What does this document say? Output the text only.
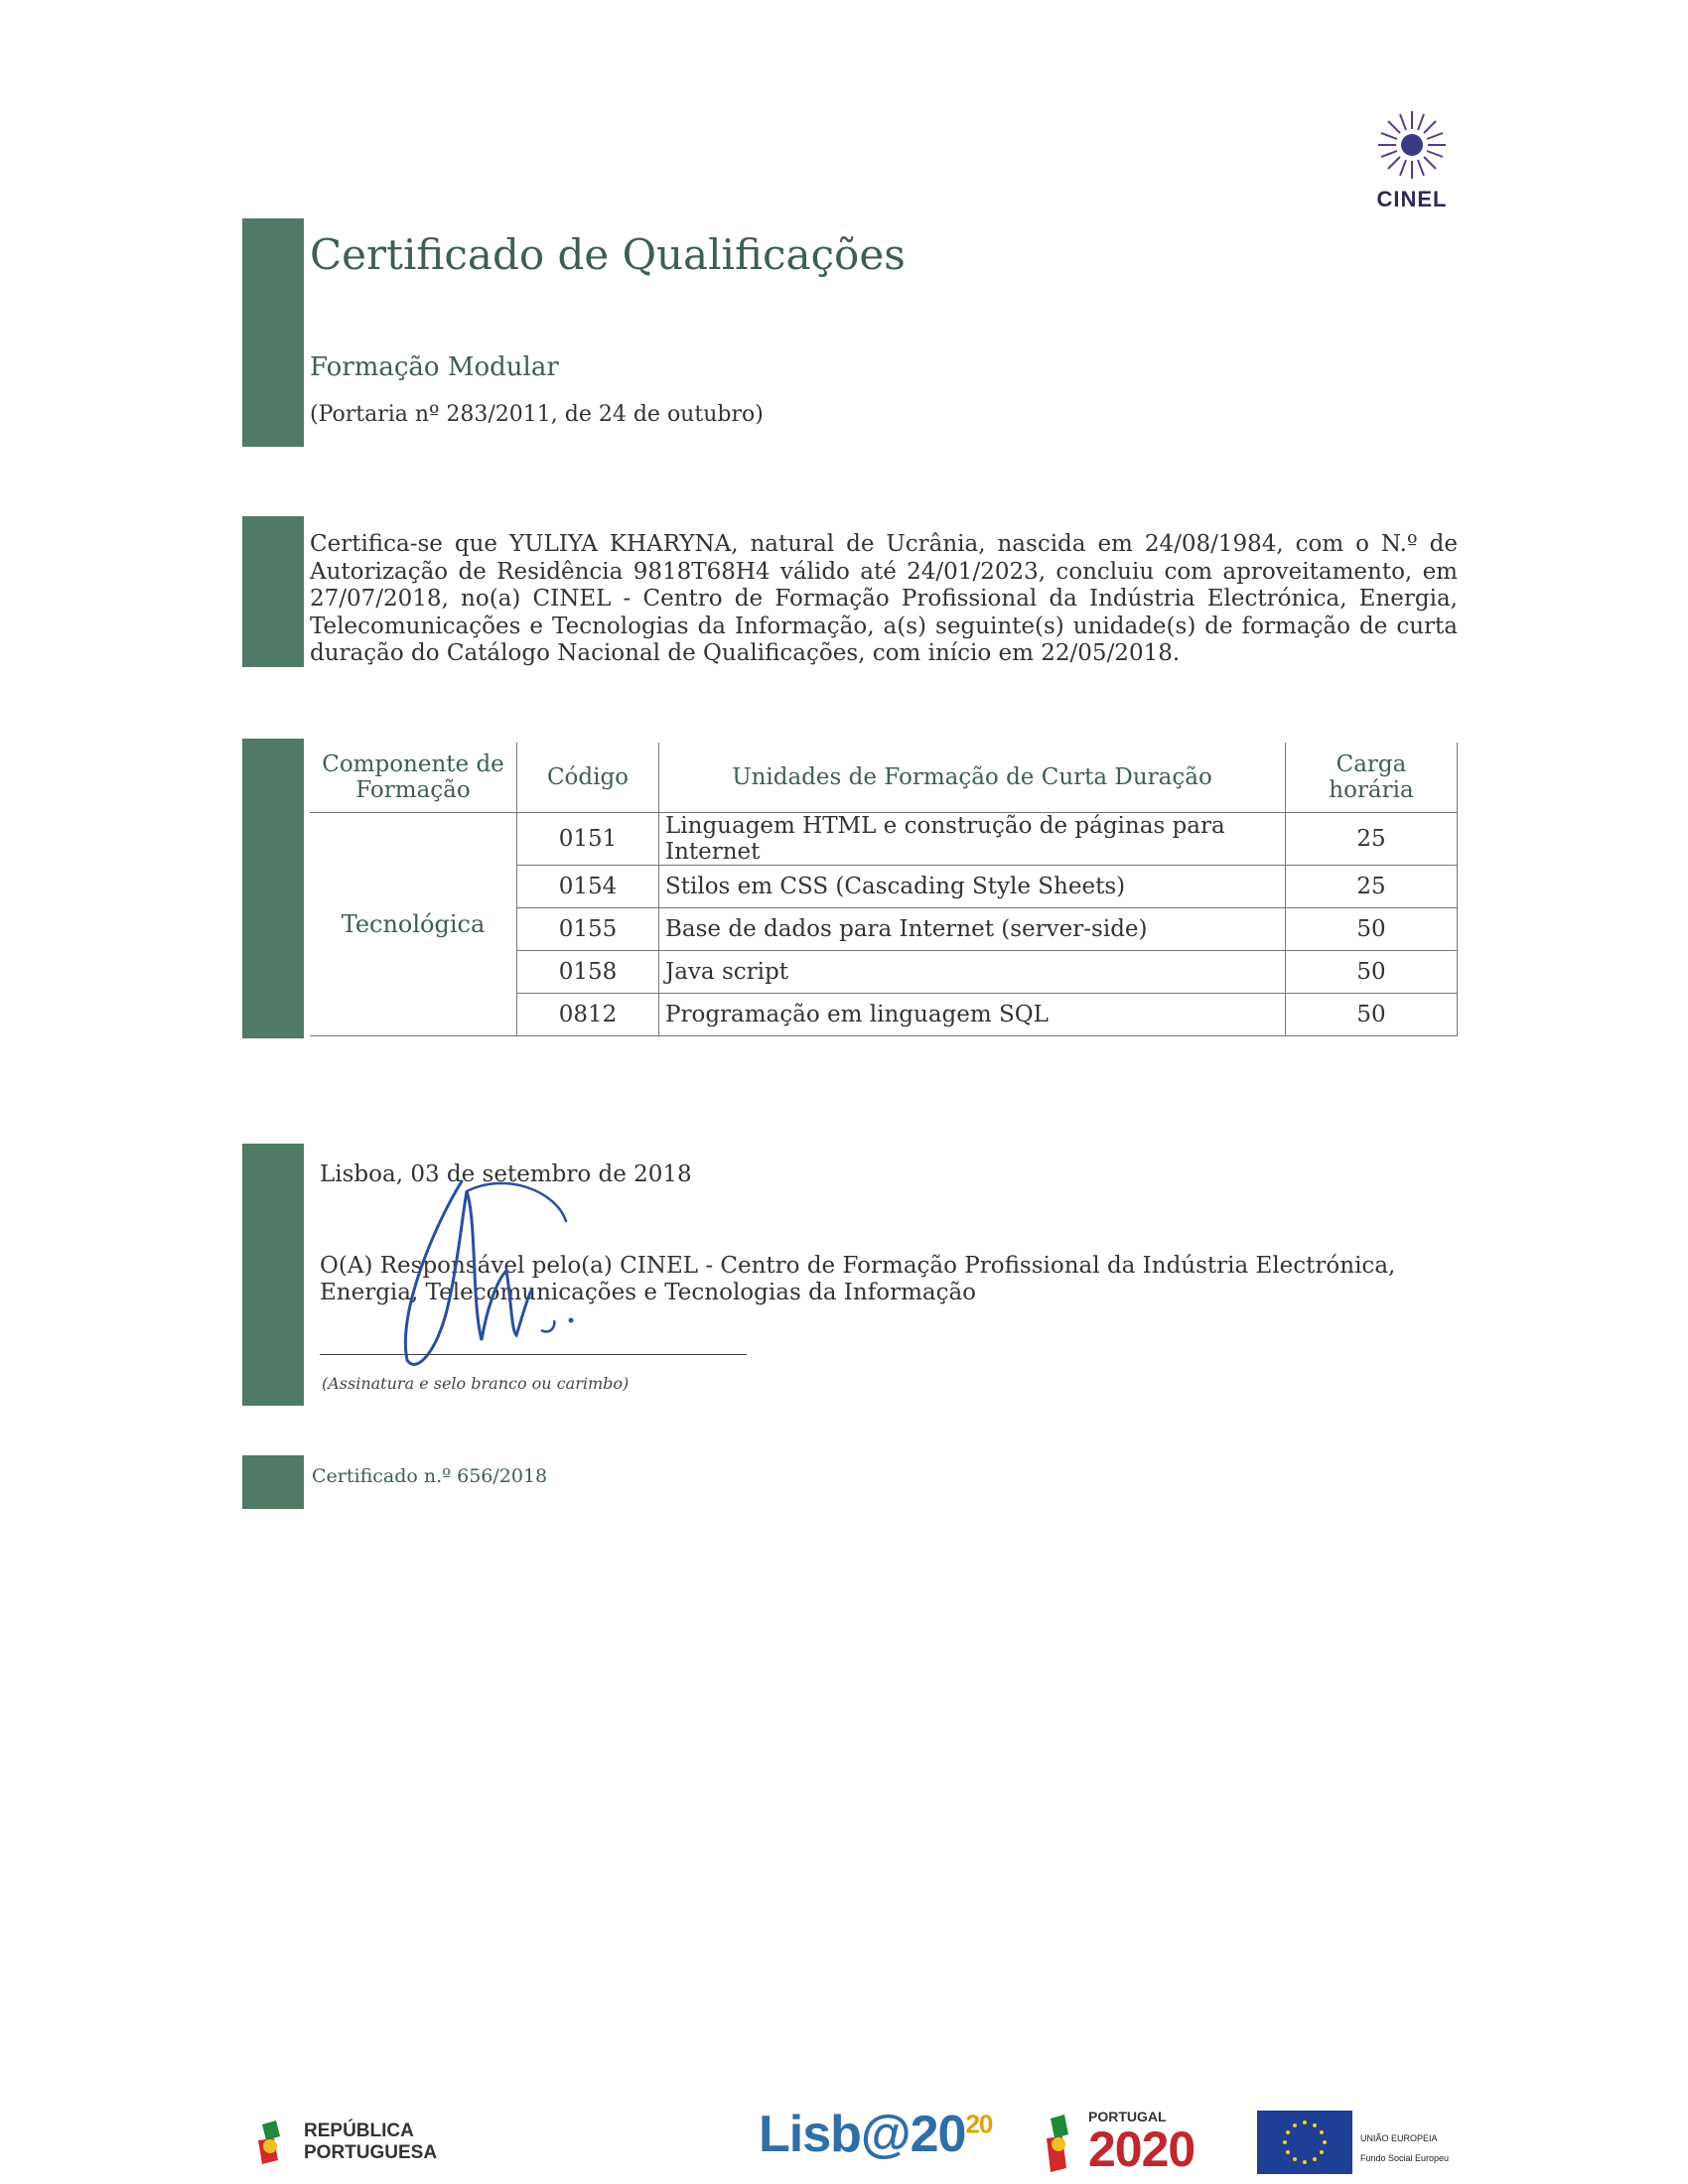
CINEL
Certificado de Qualificações
Formação Modular
(Portaria nº 283/2011, de 24 de outubro)

Certifica-se que YULIYA KHARYNA, natural de Ucrânia, nascida em 24/08/1984, com o N.º de Autorização de Residência 9818T68H4 válido até 24/01/2023, concluiu com aproveitamento, em 27/07/2018, no(a) CINEL - Centro de Formação Profissional da Indústria Electrónica, Energia, Telecomunicações e Tecnologias da Informação, a(s) seguinte(s) unidade(s) de formação de curta duração do Catálogo Nacional de Qualificações, com início em 22/05/2018.

Componente de Formação	Código	Unidades de Formação de Curta Duração	Carga horária
Tecnológica	0151	Linguagem HTML e construção de páginas para Internet	25
	0154	Stilos em CSS (Cascading Style Sheets)	25
	0155	Base de dados para Internet (server-side)	50
	0158	Java script	50
	0812	Programação em linguagem SQL	50
Lisboa, 03 de setembro de 2018

O(A) Responsável pelo(a) CINEL - Centro de Formação Profissional da Indústria Electrónica, Energia, Telecomunicações e Tecnologias da Informação

(Assinatura e selo branco ou carimbo)
Certificado n.º 656/2018
REPÚBLICA
PORTUGUESA	$Lisb@20^{20}$	PORTUGAL
2020	UNIÃO EUROPEIA
Fundo Social Europeu
